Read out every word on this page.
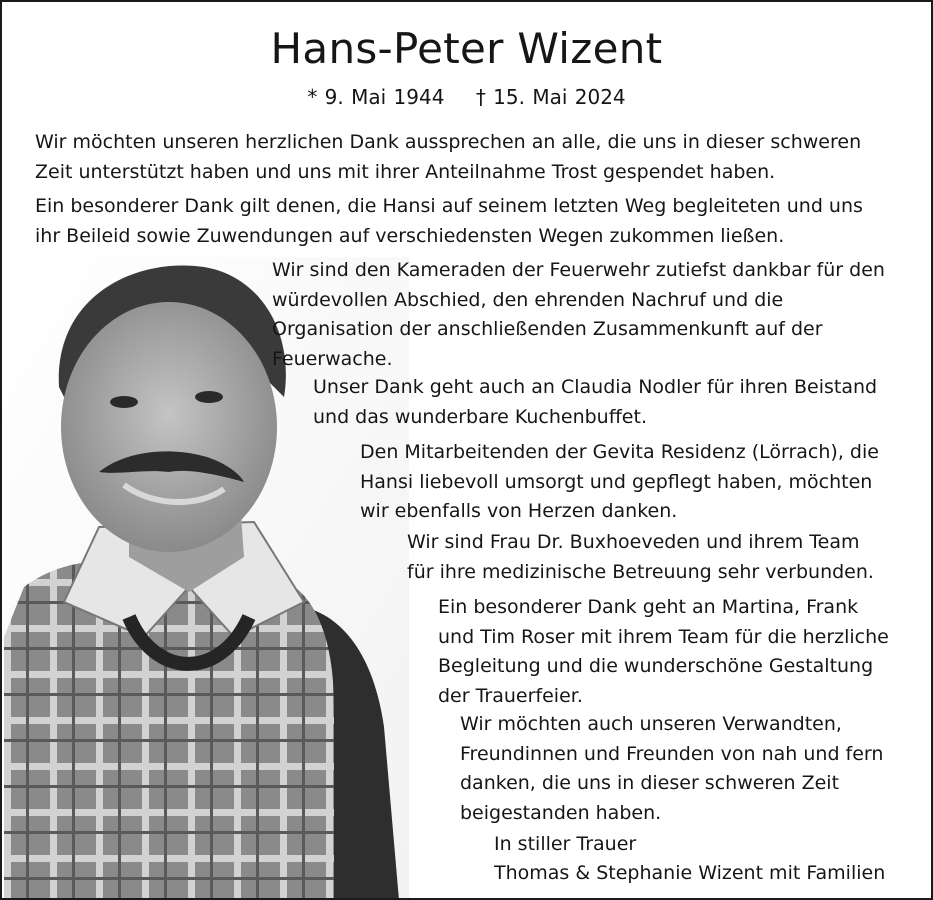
Hans-Peter Wizent
* 9. Mai 1944 † 15. Mai 2024
Wir möchten unseren herzlichen Dank aussprechen an alle, die uns in dieser schweren
Zeit unterstützt haben und uns mit ihrer Anteilnahme Trost gespendet haben.
Ein besonderer Dank gilt denen, die Hansi auf seinem letzten Weg begleiteten und uns
ihr Beileid sowie Zuwendungen auf verschiedensten Wegen zukommen ließen.
Wir sind den Kameraden der Feuerwehr zutiefst dankbar für den
würdevollen Abschied, den ehrenden Nachruf und die
Organisation der anschließenden Zusammenkunft auf der
Feuerwache.
Unser Dank geht auch an Claudia Nodler für ihren Beistand
und das wunderbare Kuchenbuffet.
Den Mitarbeitenden der Gevita Residenz (Lörrach), die
Hansi liebevoll umsorgt und gepflegt haben, möchten
wir ebenfalls von Herzen danken.
Wir sind Frau Dr. Buxhoeveden und ihrem Team
für ihre medizinische Betreuung sehr verbunden.
Ein besonderer Dank geht an Martina, Frank
und Tim Roser mit ihrem Team für die herzliche
Begleitung und die wunderschöne Gestaltung
der Trauerfeier.
Wir möchten auch unseren Verwandten,
Freundinnen und Freunden von nah und fern
danken, die uns in dieser schweren Zeit
beigestanden haben.
In stiller Trauer
Thomas & Stephanie Wizent mit Familien
